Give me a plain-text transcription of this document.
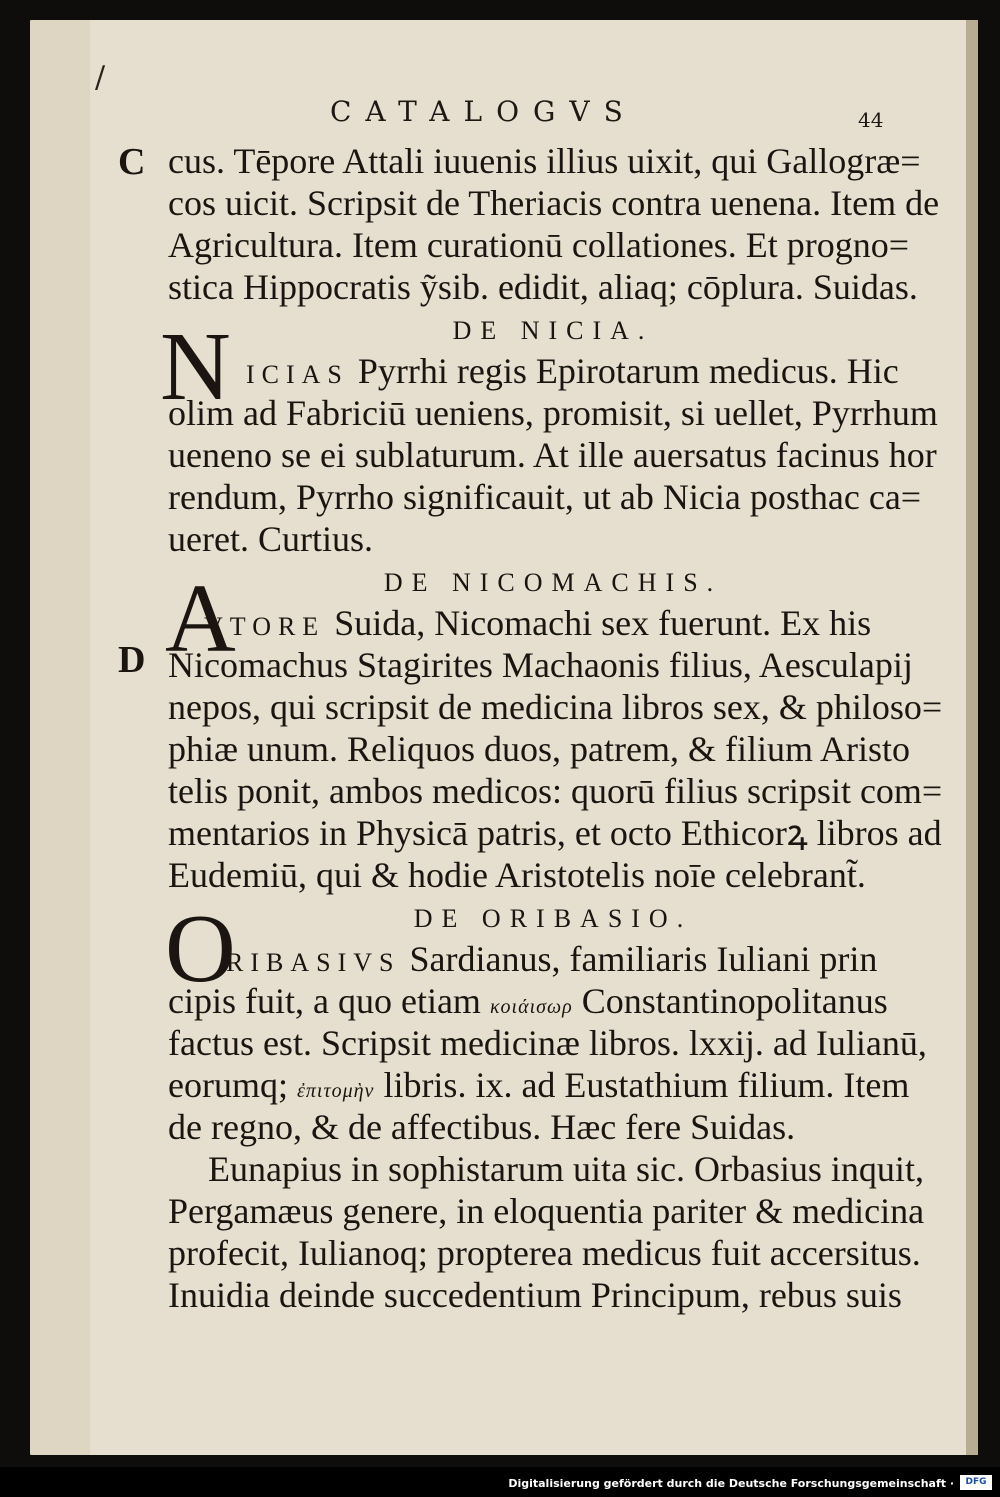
/
CATALOGVS	44
C
N
A
D
O
cus. Tēpore Attali iuuenis illius uixit, qui Gallogræ=
cos uicit. Scripsit de Theriacis contra uenena. Item de
Agricultura. Item curationū collationes. Et progno=
stica Hippocratis ỹsib. edidit, aliaq; cōplura. Suidas.
DE NICIA.
ICIAS Pyrrhi regis Epirotarum medicus. Hic
olim ad Fabriciū ueniens, promisit, si uellet, Pyrrhum
ueneno se ei sublaturum. At ille auersatus facinus hor
rendum, Pyrrho significauit, ut ab Nicia posthac ca=
ueret. Curtius.
DE NICOMACHIS.
VTORE Suida, Nicomachi sex fuerunt. Ex his
Nicomachus Stagirites Machaonis filius, Aesculapij
nepos, qui scripsit de medicina libros sex, & philoso=
phiæ unum. Reliquos duos, patrem, & filium Aristo
telis ponit, ambos medicos: quorū filius scripsit com=
mentarios in Physicā patris, et octo Ethicorꝝ libros ad
Eudemiū, qui & hodie Aristotelis noīe celebrant̃.
DE ORIBASIO.
RIBASIVS Sardianus, familiaris Iuliani prin
cipis fuit, a quo etiam κοιάισωρ Constantinopolitanus
factus est. Scripsit medicinæ libros. lxxij. ad Iulianū,
eorumq; ἐπιτομὴν libris. ix. ad Eustathium filium. Item
de regno, & de affectibus. Hæc fere Suidas.
Eunapius in sophistarum uita sic. Orbasius inquit,
Pergamæus genere, in eloquentia pariter & medicina
profecit, Iulianoq; propterea medicus fuit accersitus.
Inuidia deinde succedentium Principum, rebus suis
Digitalisierung gefördert durch die Deutsche Forschungsgemeinschaft ·	DFG
